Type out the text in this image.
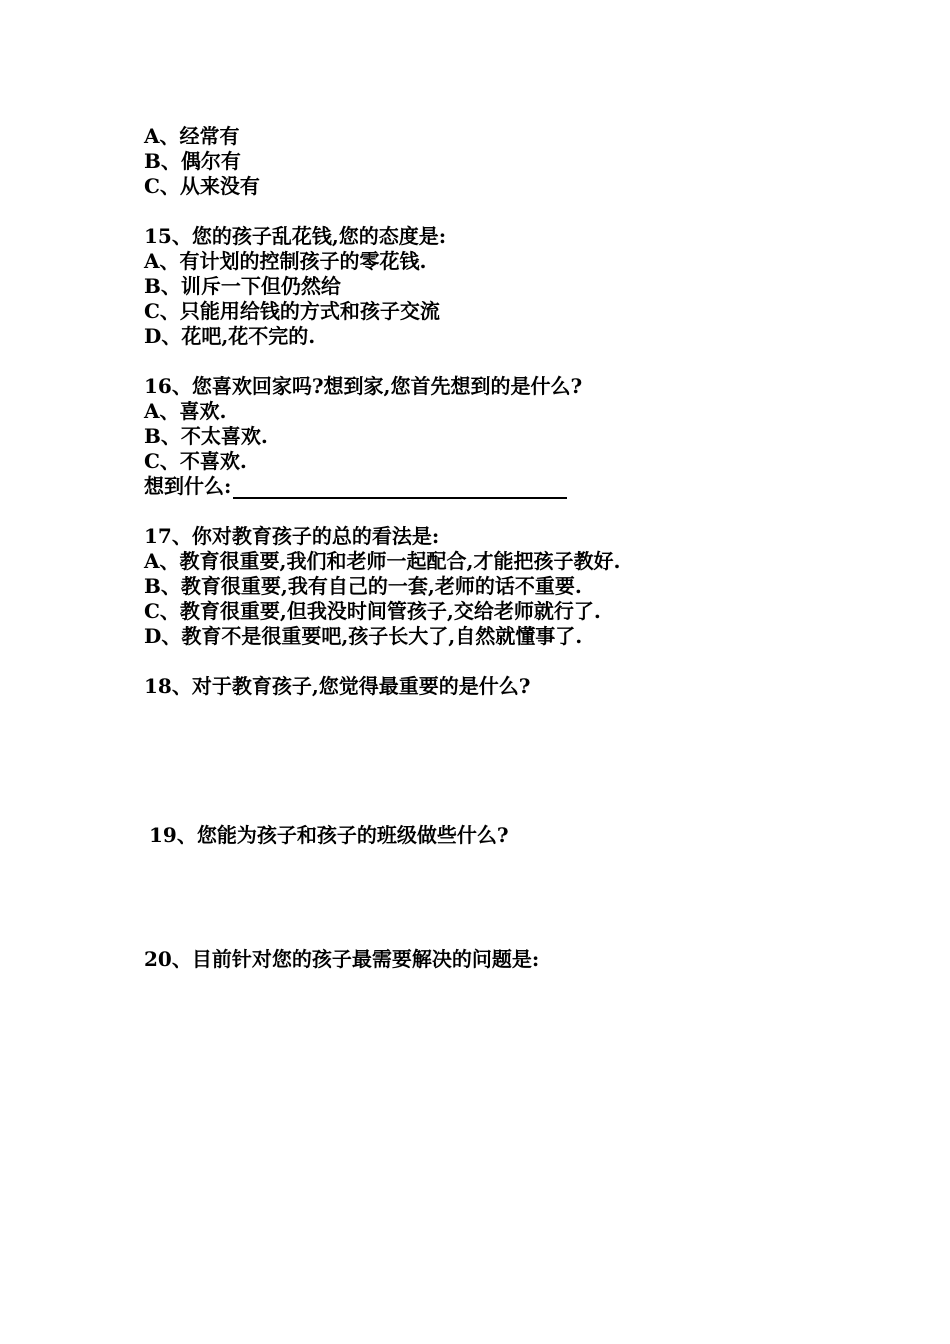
A、经常有
B、偶尔有
C、从来没有
15、您的孩子乱花钱,您的态度是:
A、有计划的控制孩子的零花钱.
B、训斥一下但仍然给
C、只能用给钱的方式和孩子交流
D、花吧,花不完的.
16、您喜欢回家吗?想到家,您首先想到的是什么?
A、喜欢.
B、不太喜欢.
C、不喜欢.
想到什么:
17、你对教育孩子的总的看法是:
A、教育很重要,我们和老师一起配合,才能把孩子教好.
B、教育很重要,我有自己的一套,老师的话不重要.
C、教育很重要,但我没时间管孩子,交给老师就行了.
D、教育不是很重要吧,孩子长大了,自然就懂事了.
18、对于教育孩子,您觉得最重要的是什么?
19、您能为孩子和孩子的班级做些什么?
20、目前针对您的孩子最需要解决的问题是:
